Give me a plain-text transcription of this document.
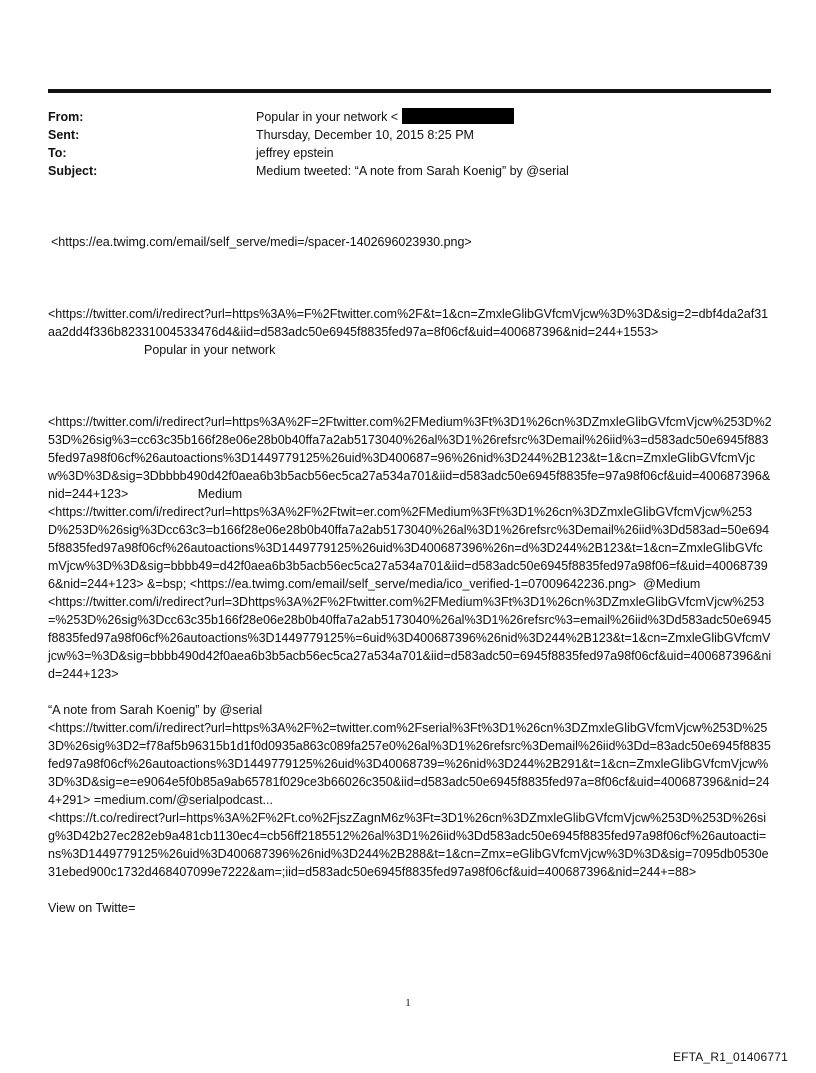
From:	Popular in your network <
Sent:	Thursday, December 10, 2015 8:25 PM
To:	jeffrey epstein
Subject:	Medium tweeted: “A note from Sarah Koenig” by @serial

<https://ea.twimg.com/email/self_serve/medi=/spacer-1402696023930.png>

<https://twitter.com/i/redirect?url=https%3A%=F%2Ftwitter.com%2F&t=1&cn=ZmxleGlibGVfcmVjcw%3D%3D&sig=2=dbf4da2af31aa2dd4f336b82331004533476d4&iid=d583adc50e6945f8835fed97a=8f06cf&uid=400687396&nid=244+1553>

Popular in your network

<https://twitter.com/i/redirect?url=https%3A%2F=2Ftwitter.com%2FMedium%3Ft%3D1%26cn%3DZmxleGlibGVfcmVjcw%253D%253D%26sig%3=cc63c35b166f28e06e28b0b40ffa7a2ab5173040%26al%3D1%26refsrc%3Demail%26iid%3=d583adc50e6945f8835fed97a98f06cf%26autoactions%3D1449779125%26uid%3D400687=96%26nid%3D244%2B123&t=1&cn=ZmxleGlibGVfcmVjcw%3D%3D&sig=3Dbbbb490d42f0aea6b3b5acb56ec5ca27a534a701&iid=d583adc50e6945f8835fe=97a98f06cf&uid=400687396&nid=244+123>                    Medium
<https://twitter.com/i/redirect?url=https%3A%2F%2Ftwit=er.com%2FMedium%3Ft%3D1%26cn%3DZmxleGlibGVfcmVjcw%253D%253D%26sig%3Dcc63c3=b166f28e06e28b0b40ffa7a2ab5173040%26al%3D1%26refsrc%3Demail%26iid%3Dd583ad=50e6945f8835fed97a98f06cf%26autoactions%3D1449779125%26uid%3D400687396%26n=d%3D244%2B123&t=1&cn=ZmxleGlibGVfcmVjcw%3D%3D&sig=bbbb49=d42f0aea6b3b5acb56ec5ca27a534a701&iid=d583adc50e6945f8835fed97a98f06=f&uid=400687396&nid=244+123> &=bsp; <https://ea.twimg.com/email/self_serve/media/ico_verified-1=07009642236.png>  @Medium
<https://twitter.com/i/redirect?url=3Dhttps%3A%2F%2Ftwitter.com%2FMedium%3Ft%3D1%26cn%3DZmxleGlibGVfcmVjcw%253=%253D%26sig%3Dcc63c35b166f28e06e28b0b40ffa7a2ab5173040%26al%3D1%26refsrc%3=email%26iid%3Dd583adc50e6945f8835fed97a98f06cf%26autoactions%3D1449779125%=6uid%3D400687396%26nid%3D244%2B123&t=1&cn=ZmxleGlibGVfcmVjcw%3=%3D&sig=bbbb490d42f0aea6b3b5acb56ec5ca27a534a701&iid=d583adc50=6945f8835fed97a98f06cf&uid=400687396&nid=244+123>

“A note from Sarah Koenig” by @serial
<https://twitter.com/i/redirect?url=https%3A%2F%2=twitter.com%2Fserial%3Ft%3D1%26cn%3DZmxleGlibGVfcmVjcw%253D%253D%26sig%3D2=f78af5b96315b1d1f0d0935a863c089fa257e0%26al%3D1%26refsrc%3Demail%26iid%3Dd=83adc50e6945f8835fed97a98f06cf%26autoactions%3D1449779125%26uid%3D40068739=%26nid%3D244%2B291&t=1&cn=ZmxleGlibGVfcmVjcw%3D%3D&sig=e=e9064e5f0b85a9ab65781f029ce3b66026c350&iid=d583adc50e6945f8835fed97a=8f06cf&uid=400687396&nid=244+291> =medium.com/@serialpodcast...
<https://t.co/redirect?url=https%3A%2F%2Ft.co%2FjszZagnM6z%3Ft=3D1%26cn%3DZmxleGlibGVfcmVjcw%253D%253D%26sig%3D42b27ec282eb9a481cb1130ec4=cb56ff2185512%26al%3D1%26iid%3Dd583adc50e6945f8835fed97a98f06cf%26autoacti=ns%3D1449779125%26uid%3D400687396%26nid%3D244%2B288&t=1&cn=Zmx=eGlibGVfcmVjcw%3D%3D&sig=7095db0530e31ebed900c1732d468407099e7222&am=;iid=d583adc50e6945f8835fed97a98f06cf&uid=400687396&nid=244+=88>

View on Twitte=

1
EFTA_R1_01406771
